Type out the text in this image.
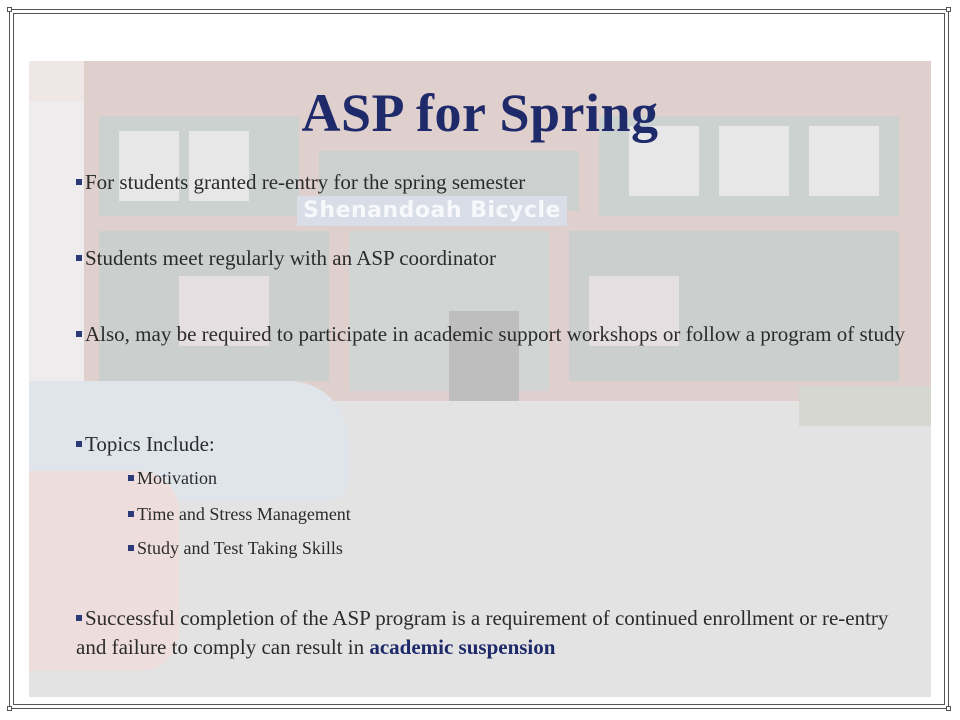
ASP for Spring
For students granted re-entry for the spring semester
Students meet regularly with an ASP coordinator
Also, may be required to participate in academic support workshops or follow a program of study
Topics Include:
Motivation
Time and Stress Management
Study and Test Taking Skills
Successful completion of the ASP program is a requirement of continued enrollment or re-entry and failure to comply can result in academic suspension
